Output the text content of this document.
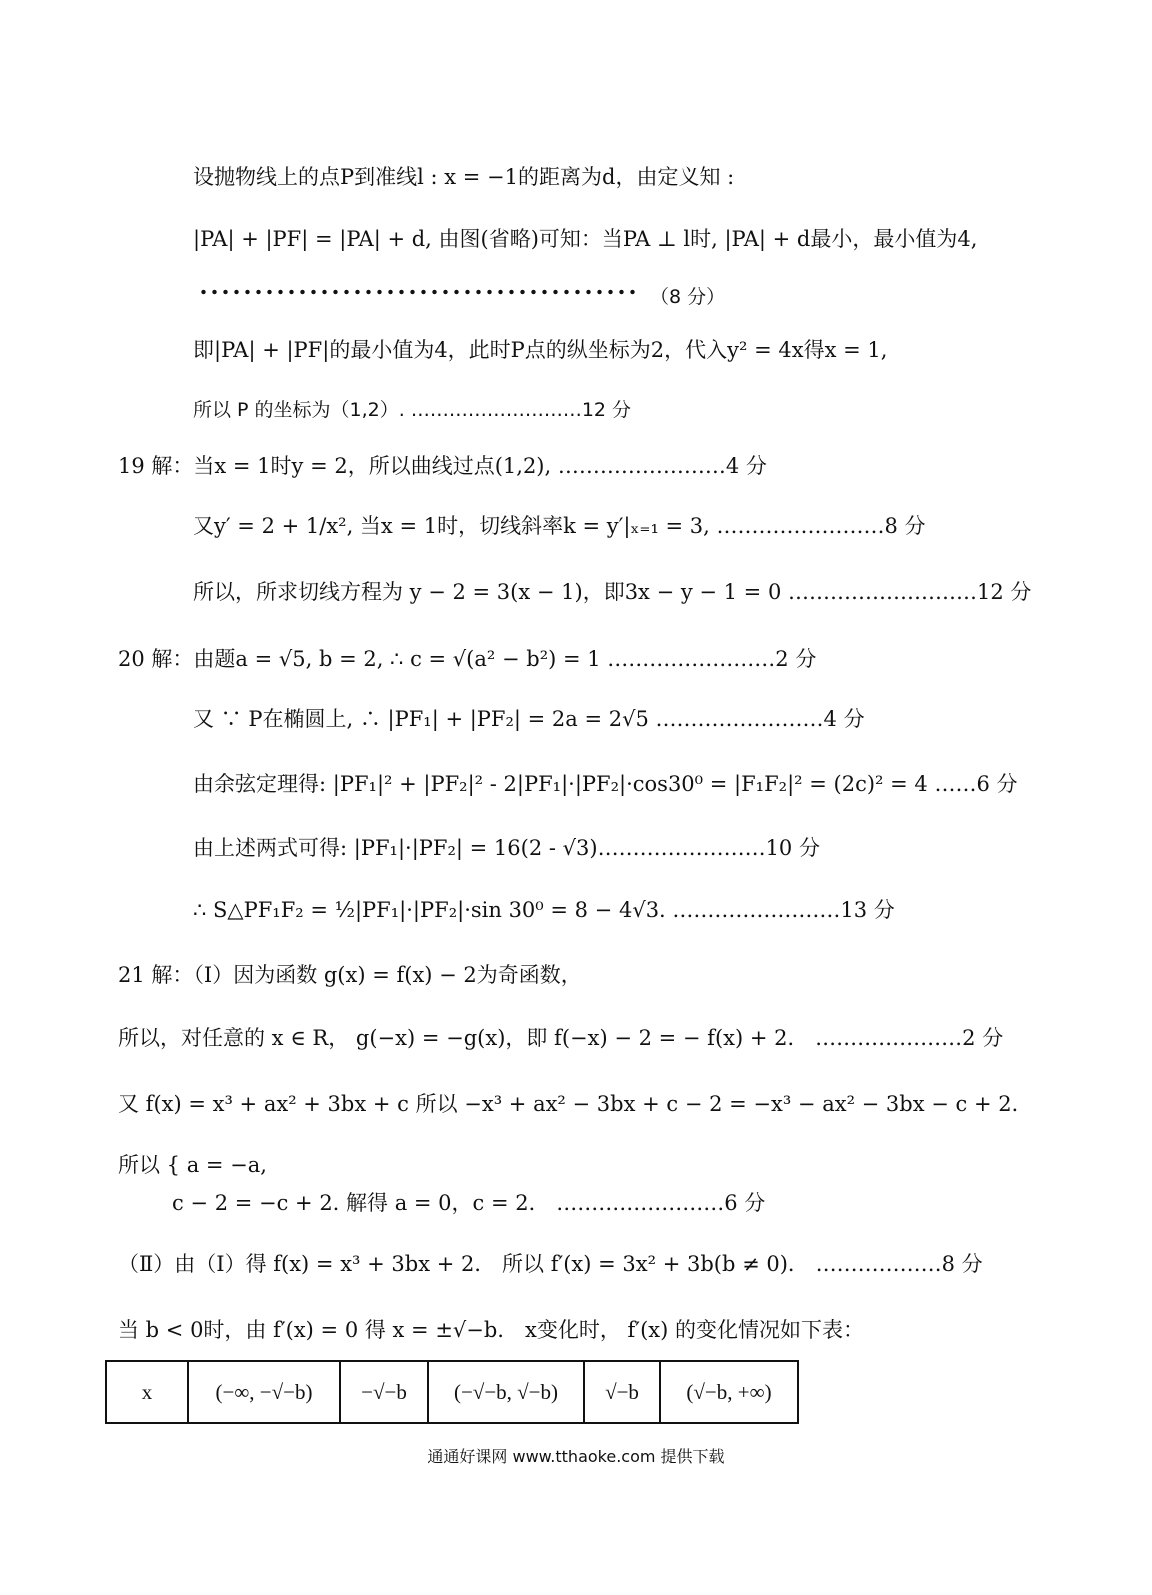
设抛物线上的点P到准线l : x = −1的距离为d，由定义知 :
|PA| + |PF| = |PA| + d, 由图(省略)可知：当PA ⊥ l时, |PA| + d最小，最小值为4,
（8 分）
即|PA| + |PF|的最小值为4，此时P点的纵坐标为2，代入y² = 4x得x = 1,
所以 P 的坐标为（1,2）. ………………………12 分
19 解：当x = 1时y = 2，所以曲线过点(1,2), ……………………4 分
又y′ = 2 + 1/x², 当x = 1时，切线斜率k = y′|ₓ₌₁ = 3, ……………………8 分
所以，所求切线方程为 y − 2 = 3(x − 1)，即3x − y − 1 = 0 ………………………12 分
20 解：由题a = √5, b = 2, ∴ c = √(a² − b²) = 1 ……………………2 分
又 ∵ P在椭圆上, ∴ |PF₁| + |PF₂| = 2a = 2√5 ……………………4 分
由余弦定理得: |PF₁|² + |PF₂|² - 2|PF₁|·|PF₂|·cos30⁰ = |F₁F₂|² = (2c)² = 4 ……6 分
由上述两式可得: |PF₁|·|PF₂| = 16(2 - √3)……………………10 分
∴ S△PF₁F₂ = ½|PF₁|·|PF₂|·sin 30⁰ = 8 − 4√3. ……………………13 分
21 解：（Ⅰ）因为函数 g(x) = f(x) − 2为奇函数，
所以，对任意的 x ∈ R， g(−x) = −g(x)，即 f(−x) − 2 = − f(x) + 2． …………………2 分
又 f(x) = x³ + ax² + 3bx + c 所以 −x³ + ax² − 3bx + c − 2 = −x³ − ax² − 3bx − c + 2．
所以 { a = −a,
c − 2 = −c + 2. 解得 a = 0，c = 2． ……………………6 分
（Ⅱ）由（Ⅰ）得 f(x) = x³ + 3bx + 2． 所以 f′(x) = 3x² + 3b(b ≠ 0)． ………………8 分
当 b < 0时，由 f′(x) = 0 得 x = ±√−b． x变化时， f′(x) 的变化情况如下表：
x	(−∞, −√−b)	−√−b	(−√−b, √−b)	√−b	(√−b, +∞)
通通好课网 www.tthaoke.com 提供下载
